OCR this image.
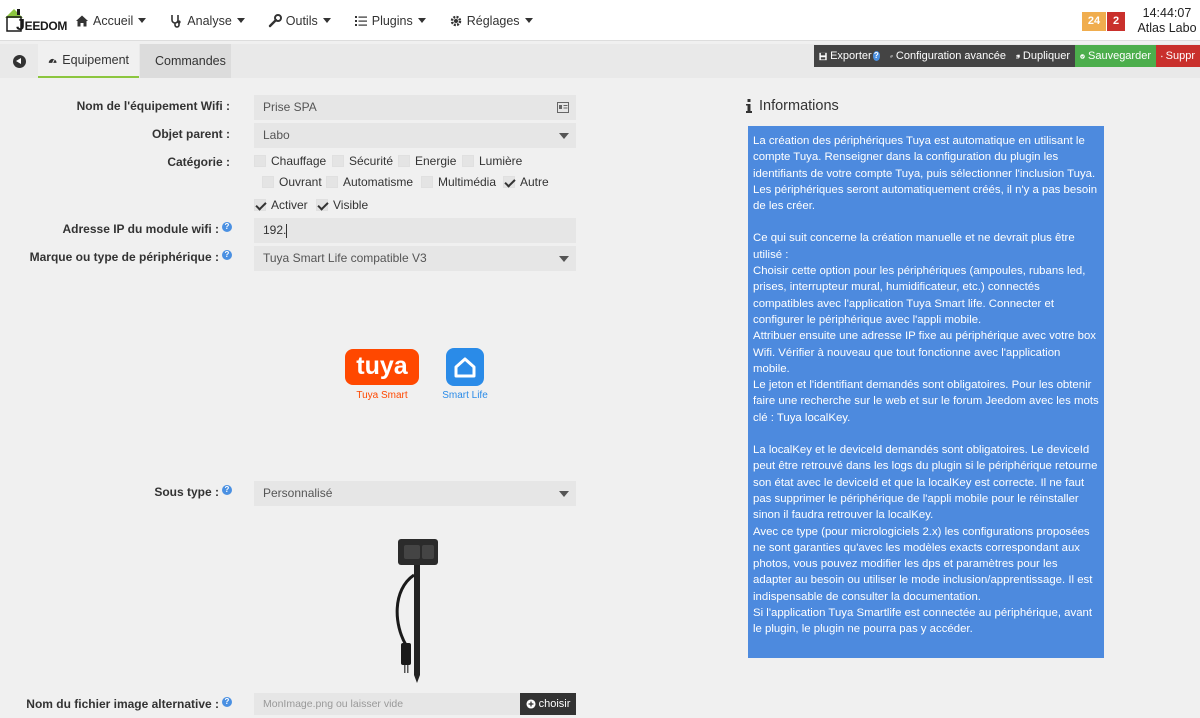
JEEDOM Accueil	Analyse	Outils	Plugins	Réglages	24	2
14:44:07
Atlas Labo
Equipement Commandes	Exporter ? Configuration avancée Dupliquer Sauvegarder Suppr
Nom de l'équipement Wifi :	Prise SPA
Objet parent :	Labo
Catégorie :	Chauffage Sécurité Energie Lumière
Ouvrant Automatisme Multimédia Autre
Activer Visible
Adresse IP du module wifi : ?	192.
Marque ou type de périphérique : ?	Tuya Smart Life compatible V3
tuya
Tuya Smart	Smart Life
Sous type : ?	Personnalisé
Nom du fichier image alternative : ?	MonImage.png ou laisser vide	choisir
Informations

La création des périphériques Tuya est automatique en utilisant le compte Tuya. Renseigner dans la configuration du plugin les identifiants de votre compte Tuya, puis sélectionner l'inclusion Tuya. Les périphériques seront automatiquement créés, il n'y a pas besoin de les créer.

Ce qui suit concerne la création manuelle et ne devrait plus être utilisé :

Choisir cette option pour les périphériques (ampoules, rubans led, prises, interrupteur mural, humidificateur, etc.) connectés compatibles avec l'application Tuya Smart life. Connecter et configurer le périphérique avec l'appli mobile.

Attribuer ensuite une adresse IP fixe au périphérique avec votre box Wifi. Vérifier à nouveau que tout fonctionne avec l'application mobile.

Le jeton et l'identifiant demandés sont obligatoires. Pour les obtenir faire une recherche sur le web et sur le forum Jeedom avec les mots clé : Tuya localKey.

La localKey et le deviceId demandés sont obligatoires. Le deviceId peut être retrouvé dans les logs du plugin si le périphérique retourne son état avec le deviceId et que la localKey est correcte. Il ne faut pas supprimer le périphérique de l'appli mobile pour le réinstaller sinon il faudra retrouver la localKey.

Avec ce type (pour micrologiciels 2.x) les configurations proposées ne sont garanties qu'avec les modèles exacts correspondant aux photos, vous pouvez modifier les dps et paramètres pour les adapter au besoin ou utiliser le mode inclusion/apprentissage. Il est indispensable de consulter la documentation.

Si l'application Tuya Smartlife est connectée au périphérique, avant le plugin, le plugin ne pourra pas y accéder.
